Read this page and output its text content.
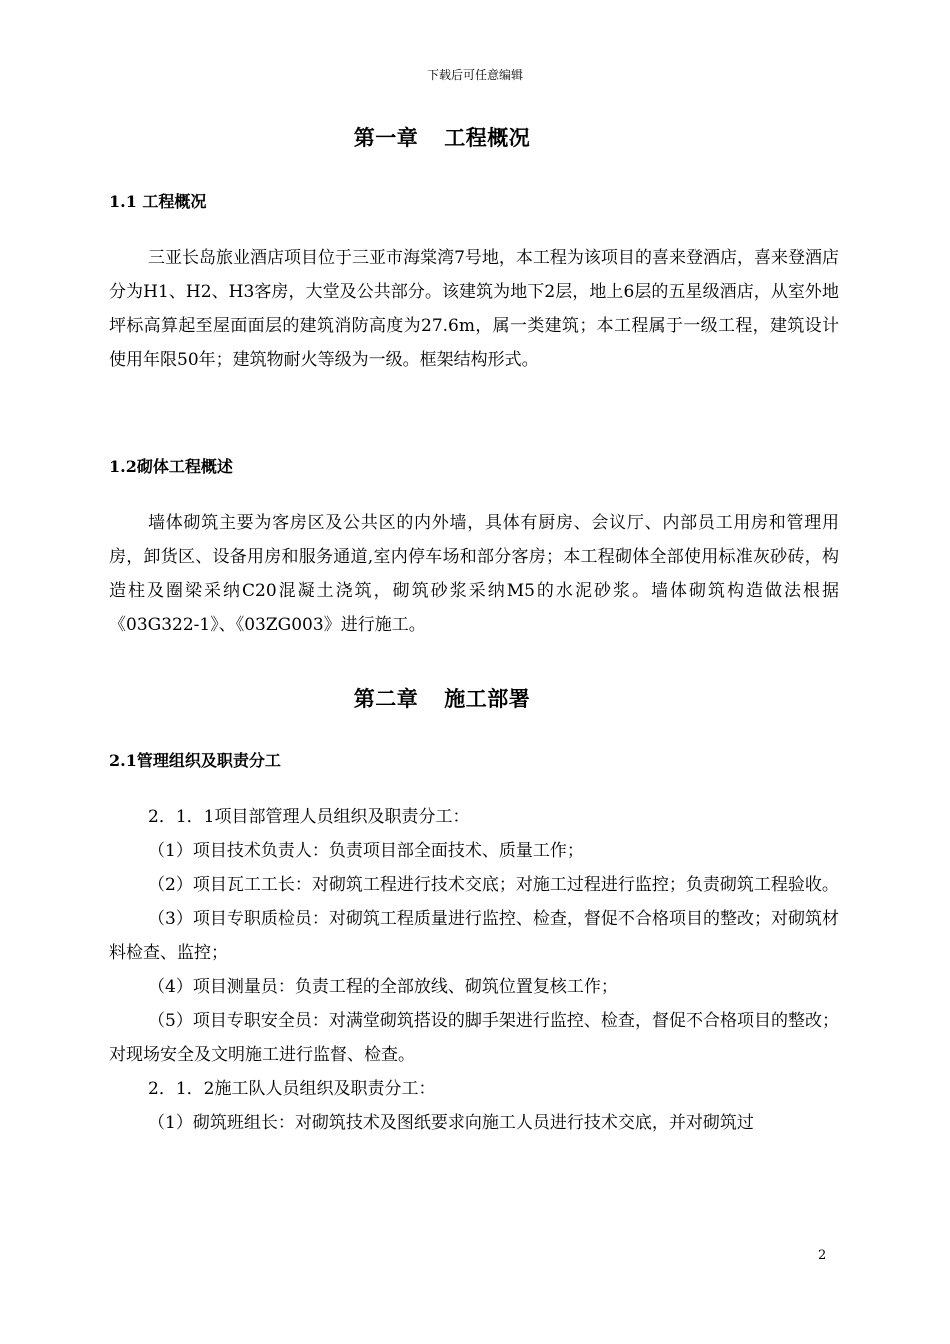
下载后可任意编辑
第一章 工程概况
1.1 工程概况

三亚长岛旅业酒店项目位于三亚市海棠湾7号地，本工程为该项目的喜来登酒店，喜来登酒店分为H1、H2、H3客房，大堂及公共部分。该建筑为地下2层，地上6层的五星级酒店，从室外地坪标高算起至屋面面层的建筑消防高度为27.6m，属一类建筑；本工程属于一级工程，建筑设计使用年限50年；建筑物耐火等级为一级。框架结构形式。

1.2砌体工程概述

墙体砌筑主要为客房区及公共区的内外墙，具体有厨房、会议厅、内部员工用房和管理用房，卸货区、设备用房和服务通道,室内停车场和部分客房；本工程砌体全部使用标准灰砂砖，构造柱及圈梁采纳C20混凝土浇筑，砌筑砂浆采纳M5的水泥砂浆。墙体砌筑构造做法根据《03G322-1》、《03ZG003》进行施工。

第二章 施工部署
2.1管理组织及职责分工

2．1．1项目部管理人员组织及职责分工：

（1）项目技术负责人：负责项目部全面技术、质量工作；

（2）项目瓦工工长：对砌筑工程进行技术交底；对施工过程进行监控；负责砌筑工程验收。

（3）项目专职质检员：对砌筑工程质量进行监控、检查，督促不合格项目的整改；对砌筑材料检查、监控；

（4）项目测量员：负责工程的全部放线、砌筑位置复核工作；

（5）项目专职安全员：对满堂砌筑搭设的脚手架进行监控、检查，督促不合格项目的整改；对现场安全及文明施工进行监督、检查。

2．1．2施工队人员组织及职责分工：

（1）砌筑班组长：对砌筑技术及图纸要求向施工人员进行技术交底，并对砌筑过

2
